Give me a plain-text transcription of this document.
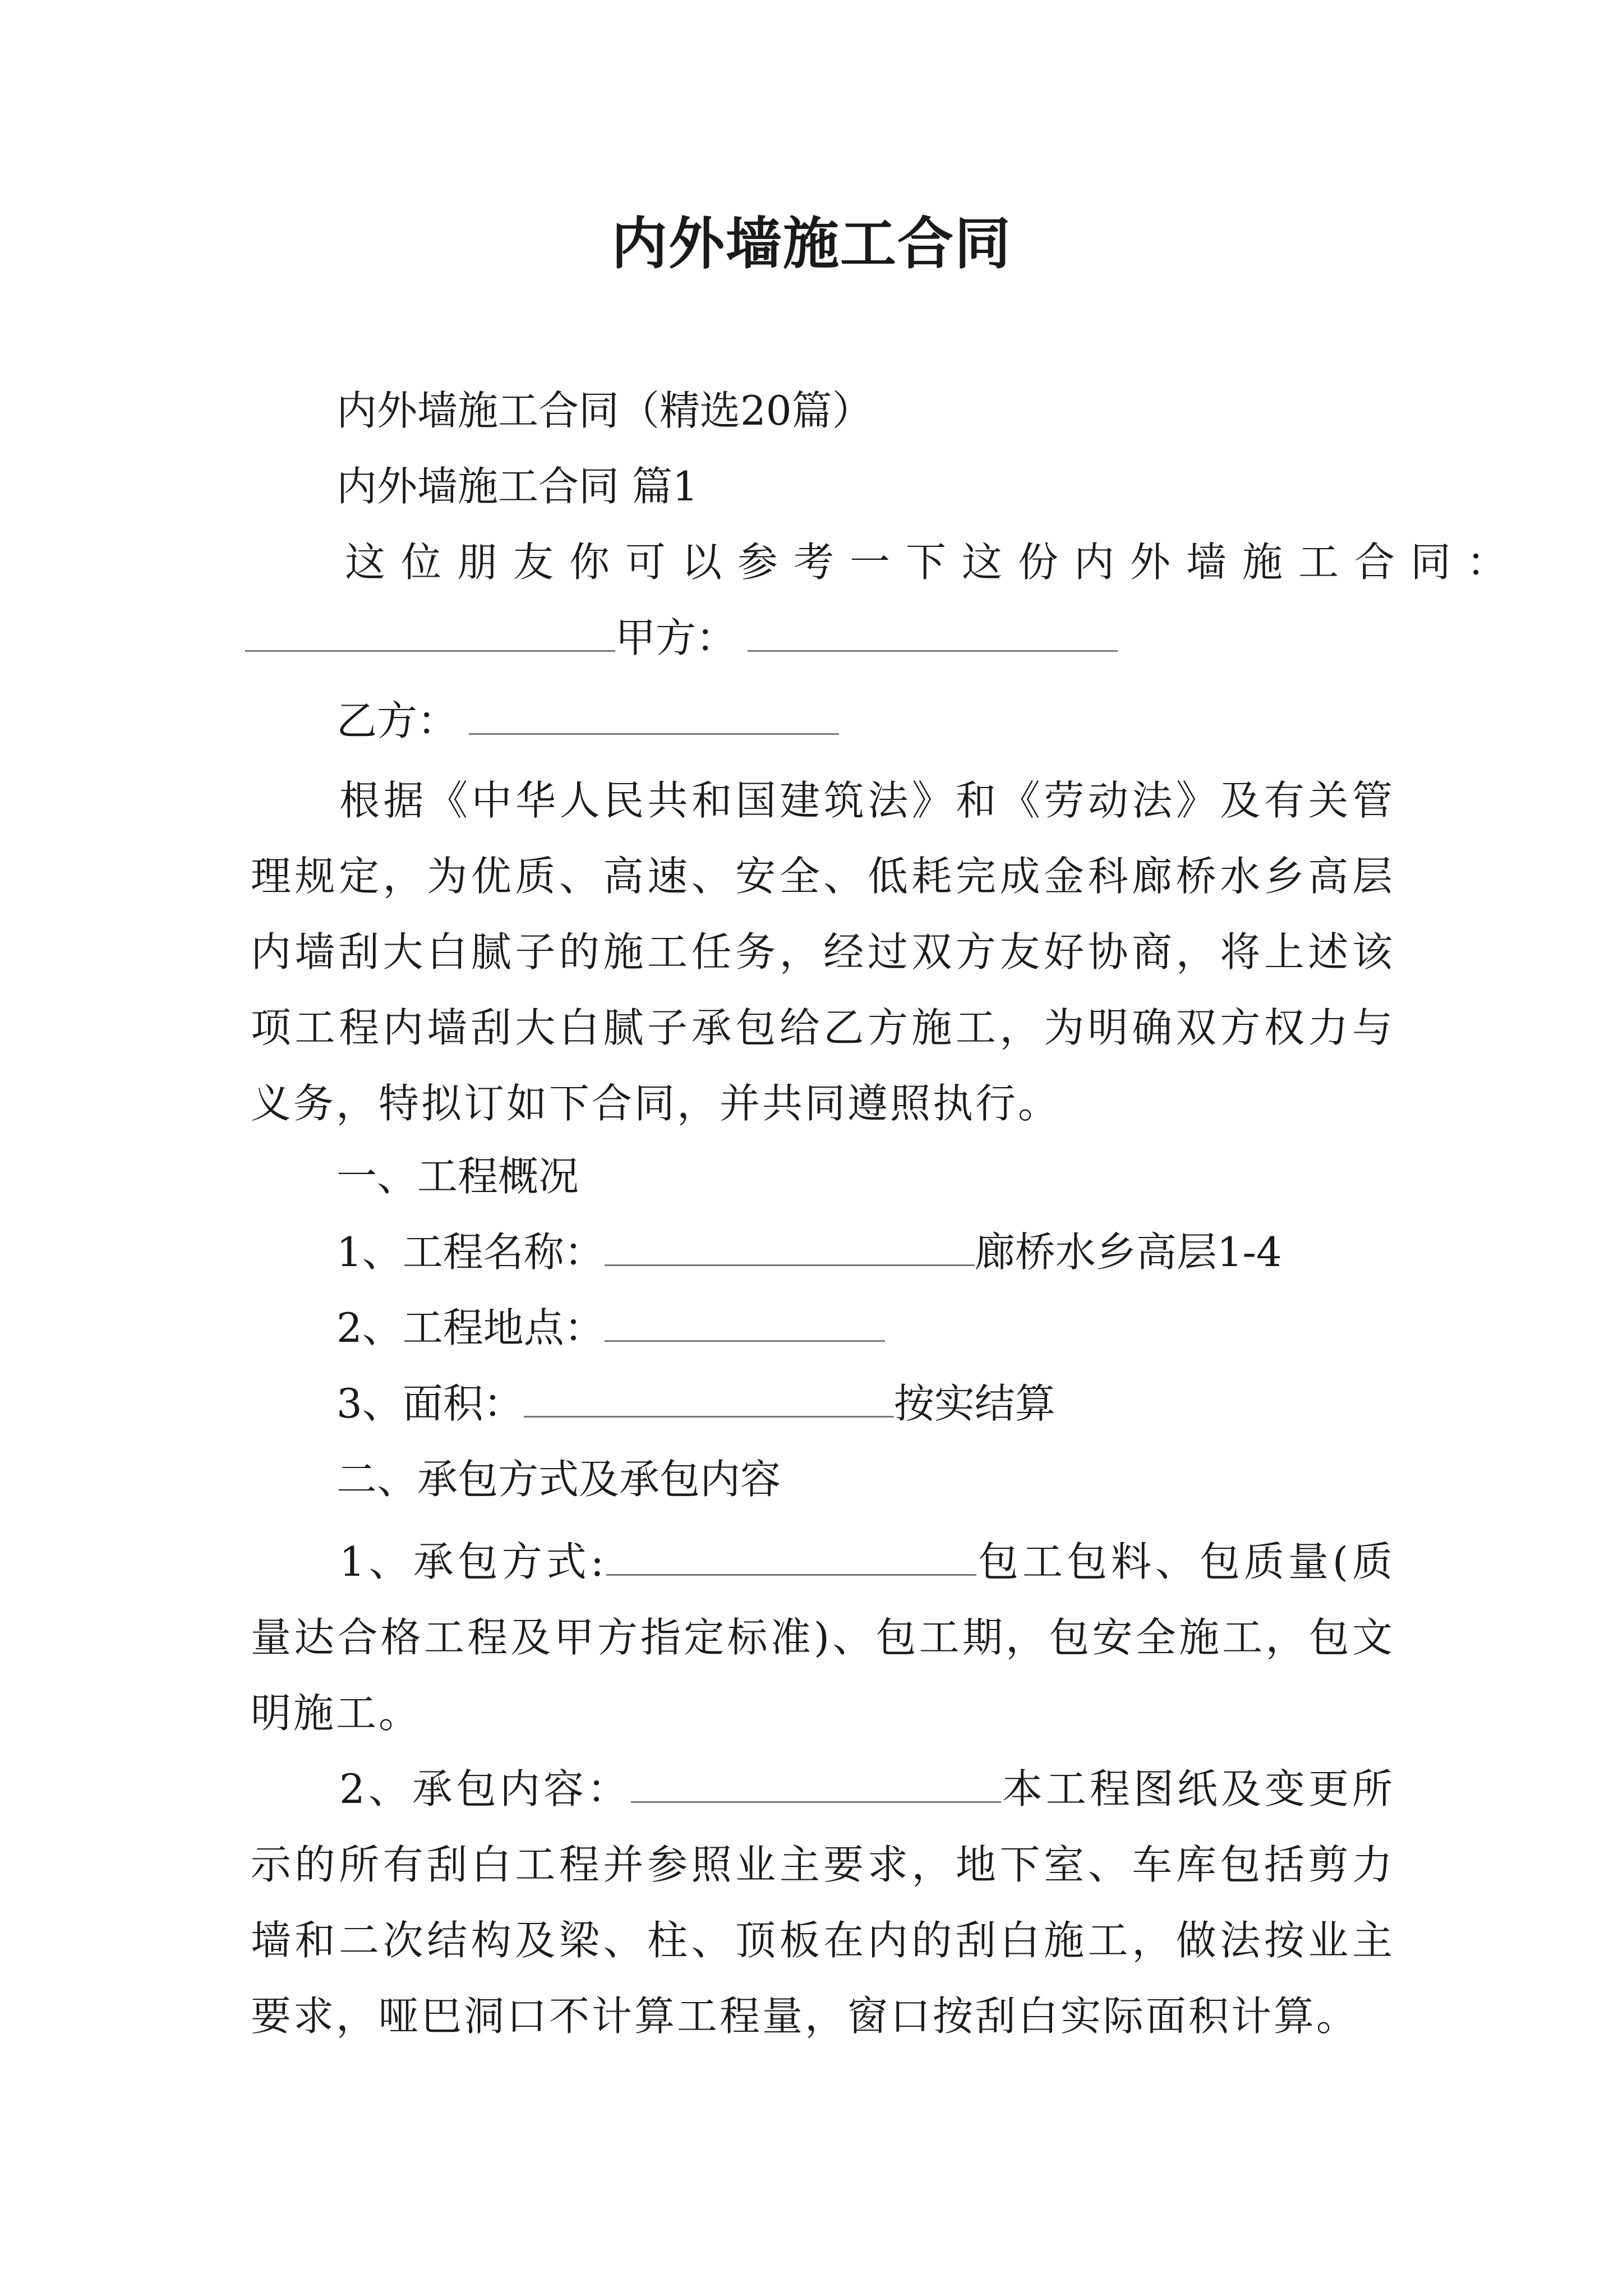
内外墙施工合同
内外墙施工合同（精选20篇）
内外墙施工合同 篇1
这位朋友你可以参考一下这份内外墙施工合同：
甲方：
乙方：
根据《中华人民共和国建筑法》和《劳动法》及有关管理规定，为优质、高速、安全、低耗完成金科廊桥水乡高层内墙刮大白腻子的施工任务，经过双方友好协商，将上述该项工程内墙刮大白腻子承包给乙方施工，为明确双方权力与义务，特拟订如下合同，并共同遵照执行。
一、工程概况
1、工程名称：	廊桥水乡高层1-4
2、工程地点：
3、面积：	按实结算
二、承包方式及承包内容
1、承包方式:	包工包料、包质量(质量达合格工程及甲方指定标准)、包工期，包安全施工，包文明施工。
2、承包内容：	本工程图纸及变更所示的所有刮白工程并参照业主要求，地下室、车库包括剪力墙和二次结构及梁、柱、顶板在内的刮白施工，做法按业主要求，哑巴洞口不计算工程量，窗口按刮白实际面积计算。
